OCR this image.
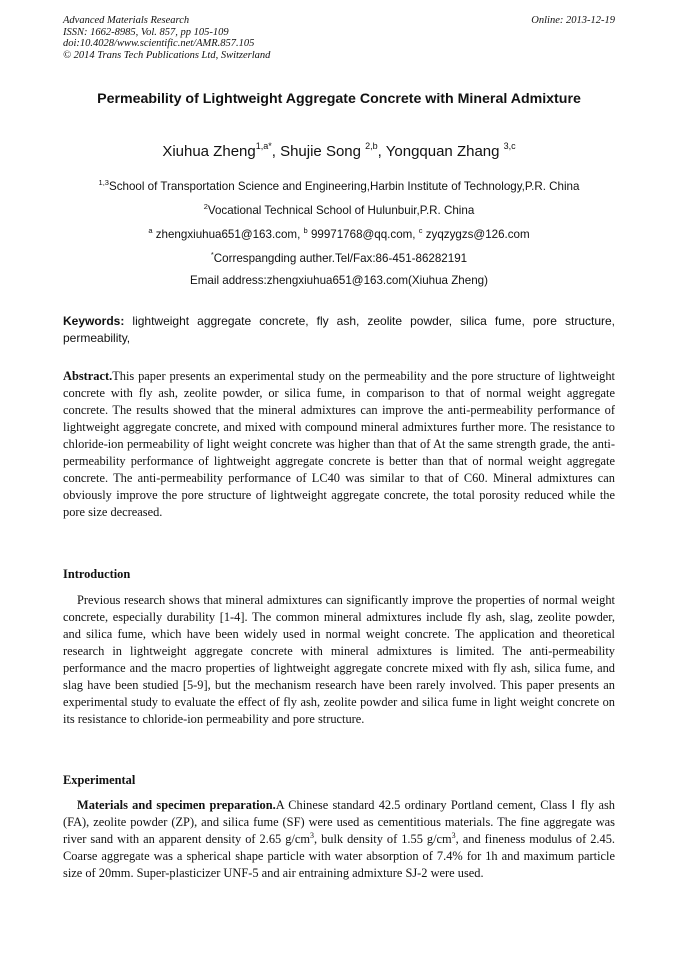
Advanced Materials Research
ISSN: 1662-8985, Vol. 857, pp 105-109
doi:10.4028/www.scientific.net/AMR.857.105
© 2014 Trans Tech Publications Ltd, Switzerland
Online: 2013-12-19
Permeability of Lightweight Aggregate Concrete with Mineral Admixture
Xiuhua Zheng$^{1,a*}$, Shujie Song $^{2,b}$, Yongquan Zhang $^{3,c}$
$^{1,3}$School of Transportation Science and Engineering,Harbin Institute of Technology,P.R. China
$^2$Vocational Technical School of Hulunbuir,P.R. China
$^a$ zhengxiuhua651@163.com, $^b$ 99971768@qq.com, $^c$ zyqzygzs@126.com
*Correspangding auther.Tel/Fax:86-451-86282191
Email address:zhengxiuhua651@163.com(Xiuhua Zheng)
Keywords: lightweight aggregate concrete, fly ash, zeolite powder, silica fume, pore structure, permeability,

Abstract.This paper presents an experimental study on the permeability and the pore structure of lightweight concrete with fly ash, zeolite powder, or silica fume, in comparison to that of normal weight aggregate concrete. The results showed that the mineral admixtures can improve the anti-permeability performance of lightweight aggregate concrete, and mixed with compound mineral admixtures further more. The resistance to chloride-ion permeability of light weight concrete was higher than that of At the same strength grade, the anti-permeability performance of lightweight aggregate concrete is better than that of normal weight aggregate concrete. The anti-permeability performance of LC40 was similar to that of C60. Mineral admixtures can obviously improve the pore structure of lightweight aggregate concrete, the total porosity reduced while the pore size decreased.

Introduction

Previous research shows that mineral admixtures can significantly improve the properties of normal weight concrete, especially durability [1-4]. The common mineral admixtures include fly ash, slag, zeolite powder, and silica fume, which have been widely used in normal weight concrete. The application and theoretical research in lightweight aggregate concrete with mineral admixtures is limited. The anti-permeability performance and the macro properties of lightweight aggregate concrete mixed with fly ash, silica fume, and slag have been studied [5-9], but the mechanism research have been rarely involved. This paper presents an experimental study to evaluate the effect of fly ash, zeolite powder and silica fume in light weight concrete on its resistance to chloride-ion permeability and pore structure.

Experimental

Materials and specimen preparation.A Chinese standard 42.5 ordinary Portland cement, Class Ⅰ fly ash (FA), zeolite powder (ZP), and silica fume (SF) were used as cementitious materials. The fine aggregate was river sand with an apparent density of 2.65 $g/cm^3$, bulk density of 1.55 $g/cm^3$, and fineness modulus of 2.45. Coarse aggregate was a spherical shape particle with water absorption of 7.4% for 1h and maximum particle size of 20mm. Super-plasticizer UNF-5 and air entraining admixture SJ-2 were used.
